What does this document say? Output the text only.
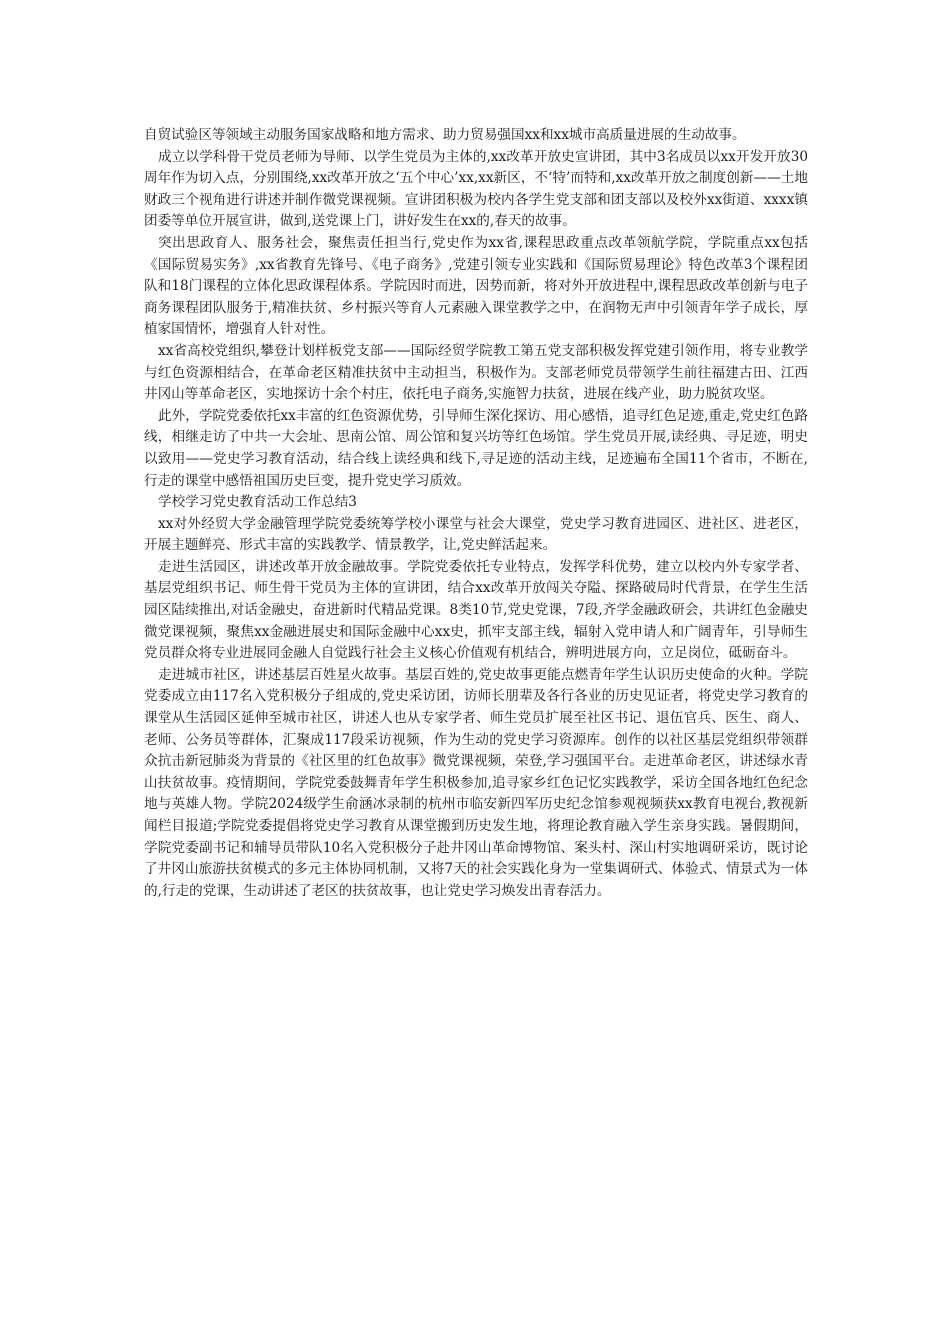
自贸试验区等领域主动服务国家战略和地方需求、助力贸易强国xx和xx城市高质量进展的生动故事。

成立以学科骨干党员老师为导师、以学生党员为主体的,xx改革开放史宣讲团，其中3名成员以xx开发开放30周年作为切入点，分别围绕,xx改革开放之‘五个中心’xx,xx新区，不‘特’而特和,xx改革开放之制度创新——土地财政三个视角进行讲述并制作微党课视频。宣讲团积极为校内各学生党支部和团支部以及校外xx街道、xxxx镇团委等单位开展宣讲，做到,送党课上门，讲好发生在xx的,春天的故事。

突出思政育人、服务社会，聚焦责任担当行,党史作为xx省,课程思政重点改革领航学院，学院重点xx包括《国际贸易实务》,xx省教育先锋号、《电子商务》,党建引领专业实践和《国际贸易理论》特色改革3个课程团队和18门课程的立体化思政课程体系。学院因时而进，因势而新，将对外开放进程中,课程思政改革创新与电子商务课程团队服务于,精准扶贫、乡村振兴等育人元素融入课堂教学之中，在润物无声中引领青年学子成长，厚植家国情怀，增强育人针对性。

xx省高校党组织,攀登计划样板党支部——国际经贸学院教工第五党支部积极发挥党建引领作用，将专业教学与红色资源相结合，在革命老区精准扶贫中主动担当，积极作为。支部老师党员带领学生前往福建古田、江西井冈山等革命老区，实地探访十余个村庄，依托电子商务,实施智力扶贫，进展在线产业，助力脱贫攻坚。

此外，学院党委依托xx丰富的红色资源优势，引导师生深化探访、用心感悟，追寻红色足迹,重走,党史红色路线，相继走访了中共一大会址、思南公馆、周公馆和复兴坊等红色场馆。学生党员开展,读经典、寻足迹，明史以致用——党史学习教育活动，结合线上读经典和线下,寻足迹的活动主线，足迹遍布全国11个省市，不断在,行走的课堂中感悟祖国历史巨变，提升党史学习质效。

学校学习党史教育活动工作总结3

xx对外经贸大学金融管理学院党委统筹学校小课堂与社会大课堂，党史学习教育进园区、进社区、进老区，开展主题鲜亮、形式丰富的实践教学、情景教学，让,党史鲜活起来。

走进生活园区，讲述改革开放金融故事。学院党委依托专业特点，发挥学科优势，建立以校内外专家学者、基层党组织书记、师生骨干党员为主体的宣讲团，结合xx改革开放闯关夺隘、探路破局时代背景，在学生生活园区陆续推出,对话金融史，奋进新时代精品党课。8类10节,党史党课，7段,齐学金融政研会，共讲红色金融史微党课视频，聚焦xx金融进展史和国际金融中心xx史，抓牢支部主线，辐射入党申请人和广阔青年，引导师生党员群众将专业进展同金融人自觉践行社会主义核心价值观有机结合，辨明进展方向，立足岗位，砥砺奋斗。

走进城市社区，讲述基层百姓星火故事。基层百姓的,党史故事更能点燃青年学生认识历史使命的火种。学院党委成立由117名入党积极分子组成的,党史采访团，访师长朋辈及各行各业的历史见证者，将党史学习教育的课堂从生活园区延伸至城市社区，讲述人也从专家学者、师生党员扩展至社区书记、退伍官兵、医生、商人、老师、公务员等群体，汇聚成117段采访视频，作为生动的党史学习资源库。创作的以社区基层党组织带领群众抗击新冠肺炎为背景的《社区里的红色故事》微党课视频，荣登,学习强国平台。走进革命老区，讲述绿水青山扶贫故事。疫情期间，学院党委鼓舞青年学生积极参加,追寻家乡红色记忆实践教学，采访全国各地红色纪念地与英雄人物。学院2024级学生俞涵冰录制的杭州市临安新四军历史纪念馆参观视频获xx教育电视台,教视新闻栏目报道;学院党委提倡将党史学习教育从课堂搬到历史发生地，将理论教育融入学生亲身实践。暑假期间，学院党委副书记和辅导员带队10名入党积极分子赴井冈山革命博物馆、案头村、深山村实地调研采访，既讨论了井冈山旅游扶贫模式的多元主体协同机制，又将7天的社会实践化身为一堂集调研式、体验式、情景式为一体的,行走的党课，生动讲述了老区的扶贫故事，也让党史学习焕发出青春活力。
